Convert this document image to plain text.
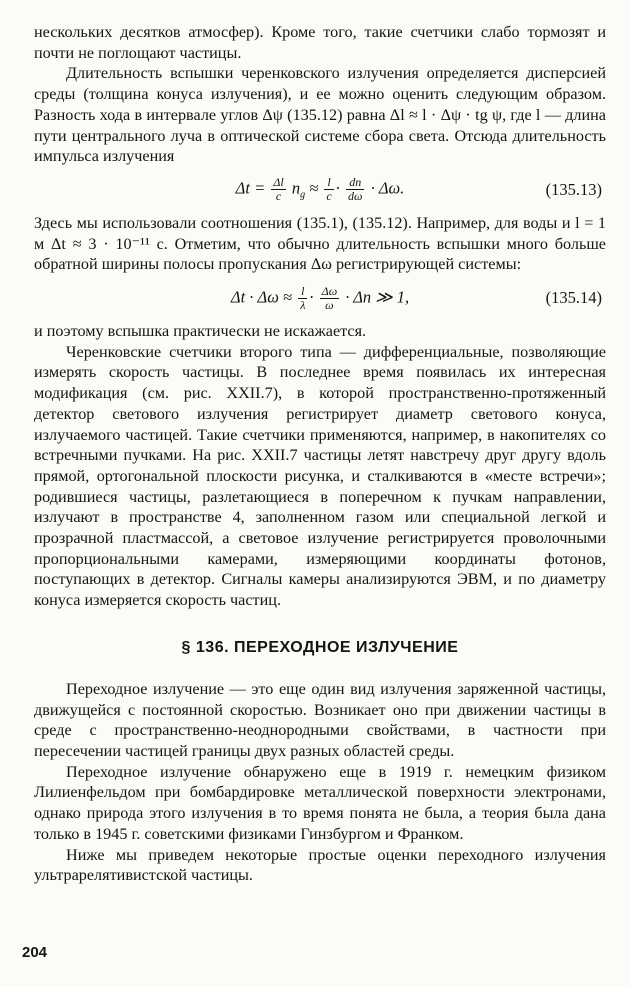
нескольких десятков атмосфер). Кроме того, такие счетчики слабо тормозят и почти не поглощают частицы.

Длительность вспышки черенковского излучения определяется дисперсией среды (толщина конуса излучения), и ее можно оценить следующим образом. Разность хода в интервале углов Δψ (135.12) равна Δl ≈ l · Δψ · tg ψ, где l — длина пути центрального луча в оптической системе сбора света. Отсюда длительность импульса излучения

$\Delta t = \frac{\Delta l}{c} n_g \approx \frac{l}{c} \cdot \frac{dn}{d\omega} \cdot \Delta\omega$.	(135.13)

Здесь мы использовали соотношения (135.1), (135.12). Например, для воды и l = 1 м Δt ≈ 3 · 10⁻¹¹ с. Отметим, что обычно длительность вспышки много больше обратной ширины полосы пропускания Δω регистрирующей системы:

$\Delta t \cdot \Delta\omega \approx \frac{l}{\lambda} \cdot \frac{\Delta\omega}{\omega} \cdot \Delta n$ ≫ 1,	(135.14)

и поэтому вспышка практически не искажается.

Черенковские счетчики второго типа — дифференциальные, позволяющие измерять скорость частицы. В последнее время появилась их интересная модификация (см. рис. XXII.7), в которой пространственно-протяженный детектор светового излучения регистрирует диаметр светового конуса, излучаемого частицей. Такие счетчики применяются, например, в накопителях со встречными пучками. На рис. XXII.7 частицы летят навстречу друг другу вдоль прямой, ортогональной плоскости рисунка, и сталкиваются в «месте встречи»; родившиеся частицы, разлетающиеся в поперечном к пучкам направлении, излучают в пространстве 4, заполненном газом или специальной легкой и прозрачной пластмассой, а световое излучение регистрируется проволочными пропорциональными камерами, измеряющими координаты фотонов, поступающих в детектор. Сигналы камеры анализируются ЭВМ, и по диаметру конуса измеряется скорость частиц.

§ 136. ПЕРЕХОДНОЕ ИЗЛУЧЕНИЕ

Переходное излучение — это еще один вид излучения заряженной частицы, движущейся с постоянной скоростью. Возникает оно при движении частицы в среде с пространственно-неоднородными свойствами, в частности при пересечении частицей границы двух разных областей среды.

Переходное излучение обнаружено еще в 1919 г. немецким физиком Лилиенфельдом при бомбардировке металлической поверхности электронами, однако природа этого излучения в то время понята не была, а теория была дана только в 1945 г. советскими физиками Гинзбургом и Франком.

Ниже мы приведем некоторые простые оценки переходного излучения ультрарелятивистской частицы.

204
